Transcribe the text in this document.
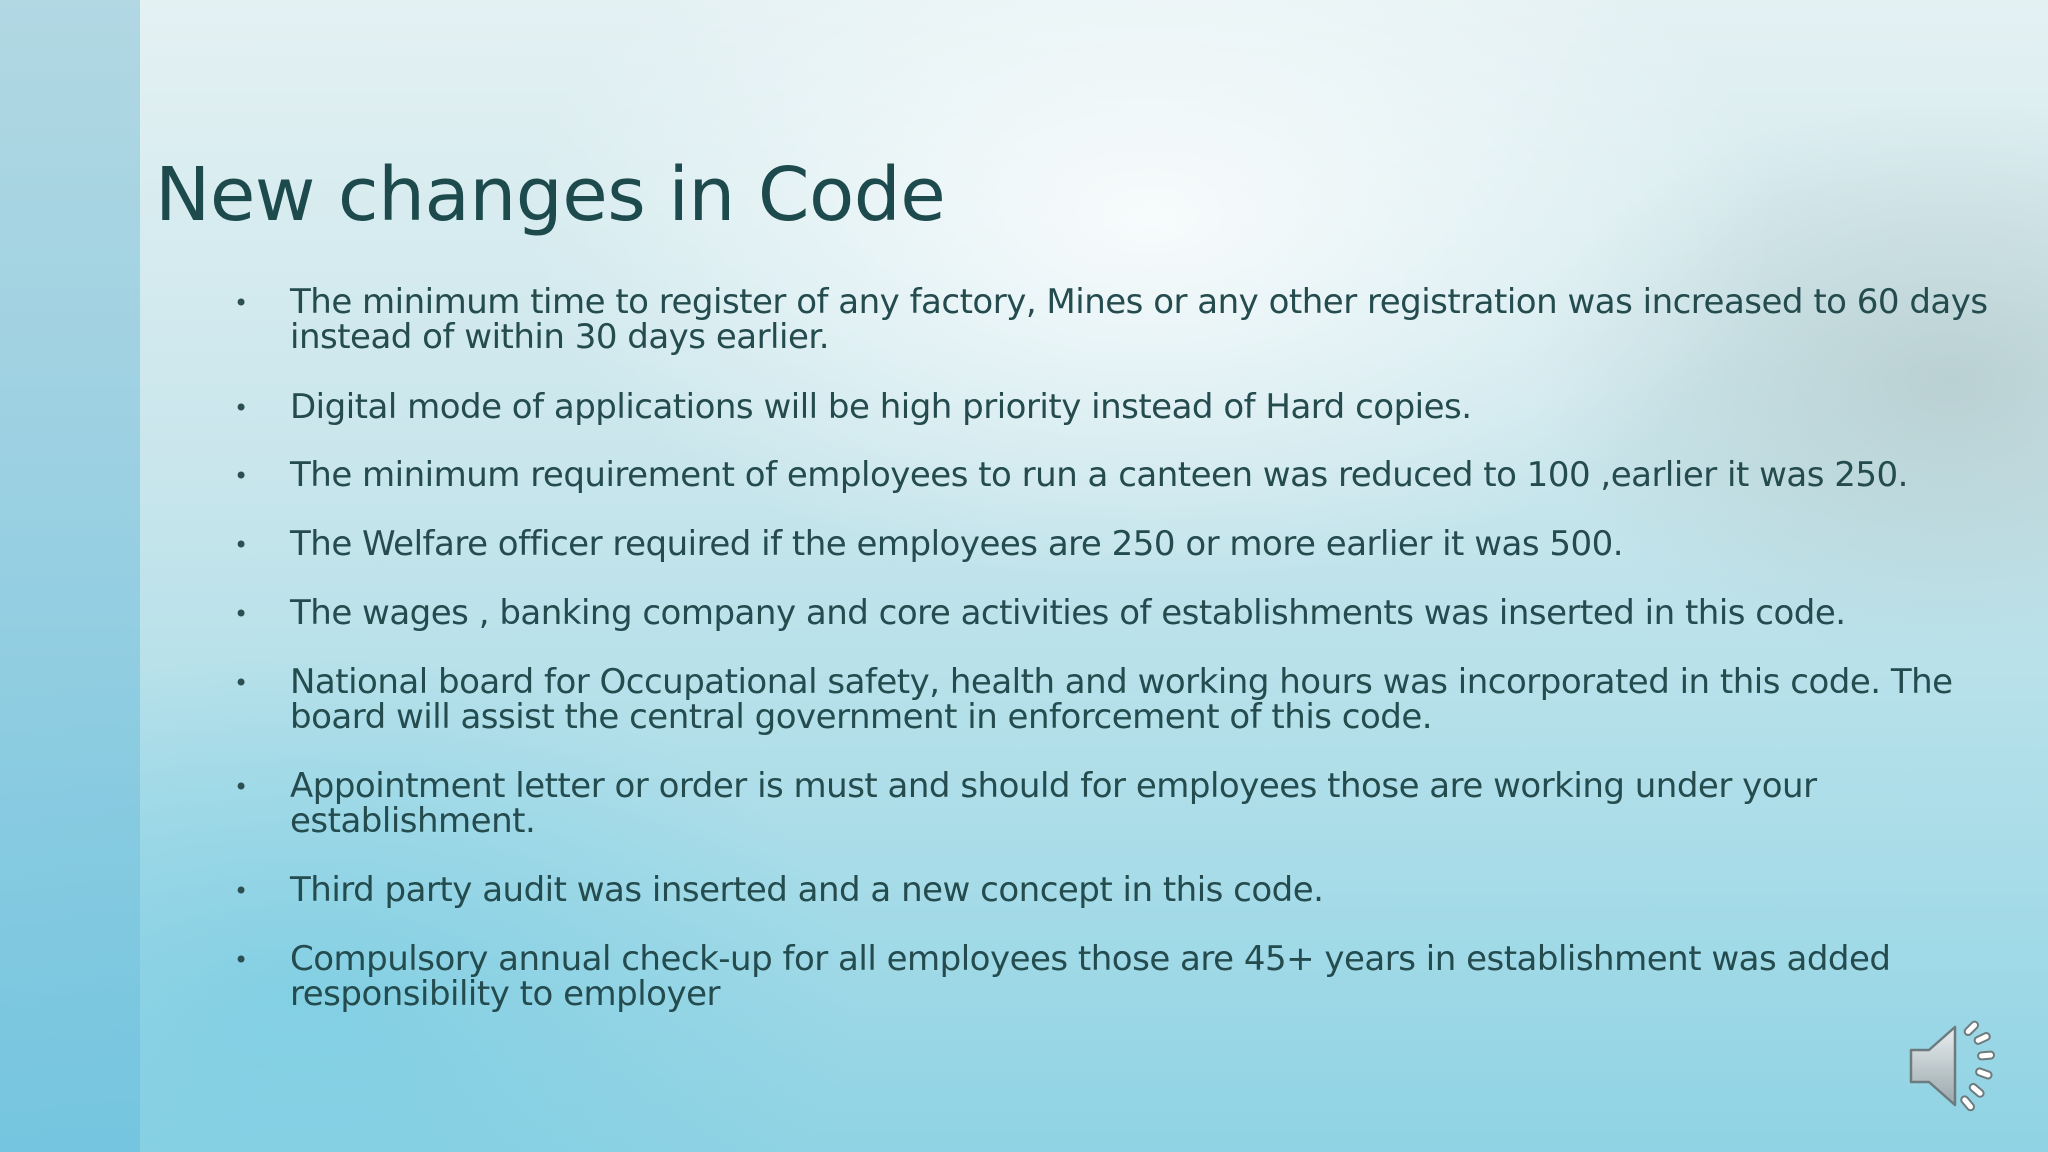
New changes in Code
• The minimum time to register of any factory, Mines or any other registration was increased to 60 days instead of within 30 days earlier.
• Digital mode of applications will be high priority instead of Hard copies.
• The minimum requirement of employees to run a canteen was reduced to 100 ,earlier it was 250.
• The Welfare officer required if the employees are 250 or more earlier it was 500.
• The wages , banking company and core activities of establishments was inserted in this code.
• National board for Occupational safety, health and working hours was incorporated in this code. The board will assist the central government in enforcement of this code.
• Appointment letter or order is must and should for employees those are working under your establishment.
• Third party audit was inserted and a new concept in this code.
• Compulsory annual check-up for all employees those are 45+ years in establishment was added responsibility to employer
